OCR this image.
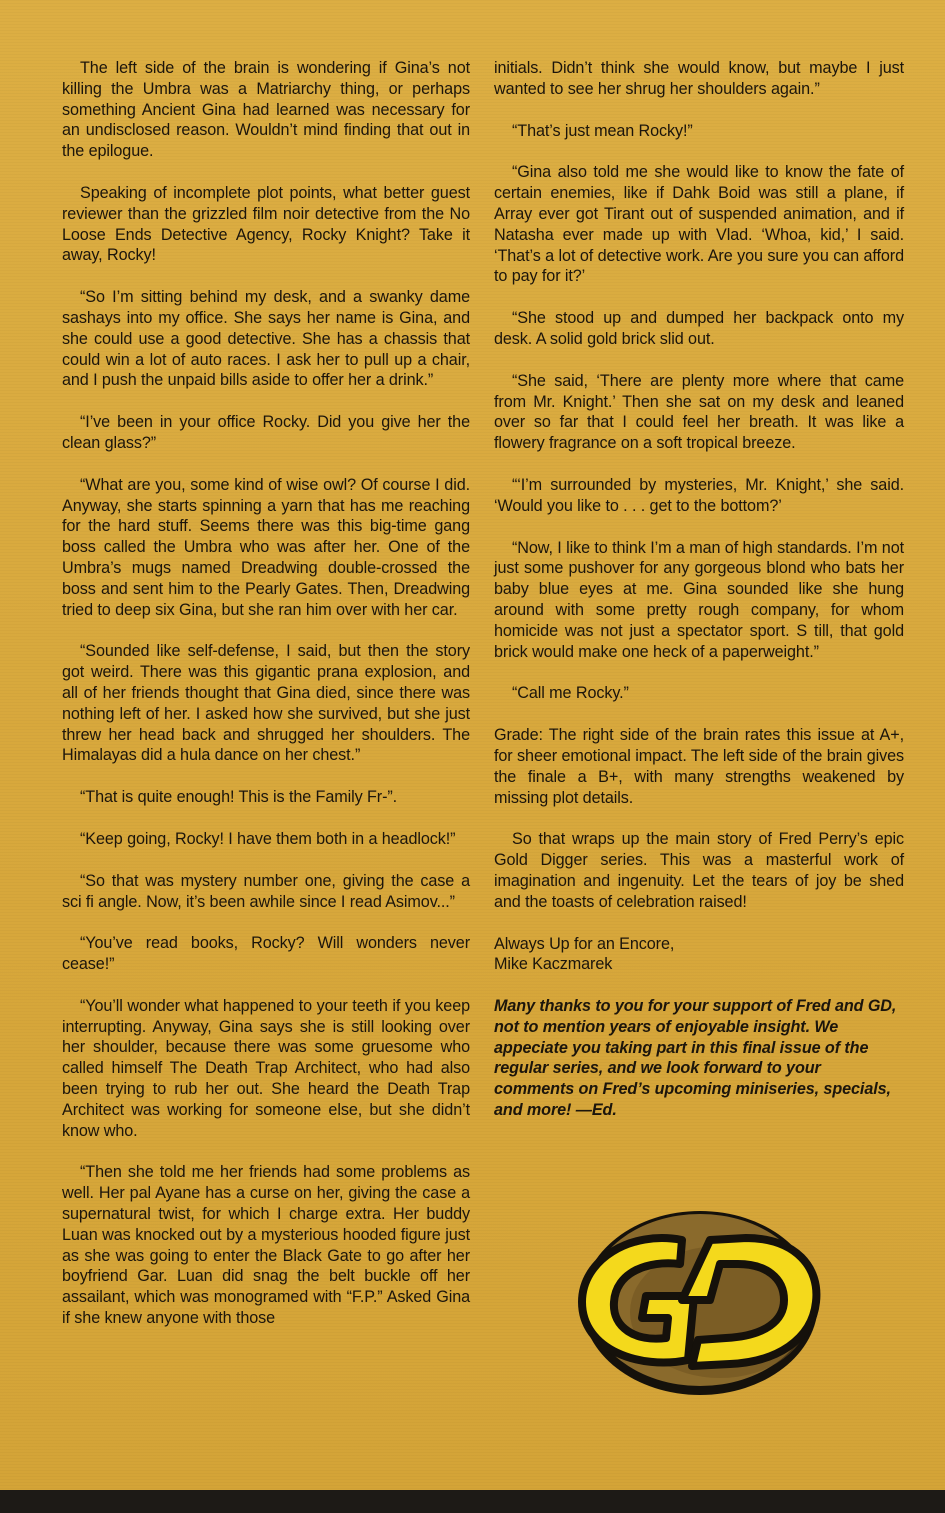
The left side of the brain is wondering if Gina’s not killing the Umbra was a Matriarchy thing, or perhaps something Ancient Gina had learned was necessary for an undisclosed reason. Wouldn’t mind finding that out in the epilogue.

Speaking of incomplete plot points, what better guest reviewer than the grizzled film noir detective from the No Loose Ends Detective Agency, Rocky Knight? Take it away, Rocky!

“So I’m sitting behind my desk, and a swanky dame sashays into my office. She says her name is Gina, and she could use a good detective. She has a chassis that could win a lot of auto races. I ask her to pull up a chair, and I push the unpaid bills aside to offer her a drink.”

“I’ve been in your office Rocky. Did you give her the clean glass?”

“What are you, some kind of wise owl? Of course I did. Anyway, she starts spinning a yarn that has me reaching for the hard stuff. Seems there was this big-time gang boss called the Umbra who was after her. One of the Umbra’s mugs named Dreadwing double-crossed the boss and sent him to the Pearly Gates. Then, Dreadwing tried to deep six Gina, but she ran him over with her car.

“Sounded like self-defense, I said, but then the story got weird. There was this gigantic prana explosion, and all of her friends thought that Gina died, since there was nothing left of her. I asked how she survived, but she just threw her head back and shrugged her shoulders. The Himalayas did a hula dance on her chest.”

“That is quite enough! This is the Family Fr-”.

“Keep going, Rocky! I have them both in a headlock!”

“So that was mystery number one, giving the case a sci fi angle. Now, it’s been awhile since I read Asimov...”

“You’ve read books, Rocky? Will wonders never cease!”

“You’ll wonder what happened to your teeth if you keep interrupting. Anyway, Gina says she is still looking over her shoulder, because there was some gruesome who called himself The Death Trap Architect, who had also been trying to rub her out. She heard the Death Trap Architect was working for someone else, but she didn’t know who.

“Then she told me her friends had some problems as well. Her pal Ayane has a curse on her, giving the case a supernatural twist, for which I charge extra. Her buddy Luan was knocked out by a mysterious hooded figure just as she was going to enter the Black Gate to go after her boyfriend Gar. Luan did snag the belt buckle off her assailant, which was monogramed with “F.P.” Asked Gina if she knew anyone with those

initials. Didn’t think she would know, but maybe I just wanted to see her shrug her shoulders again.”

“That’s just mean Rocky!”

“Gina also told me she would like to know the fate of certain enemies, like if Dahk Boid was still a plane, if Array ever got Tirant out of suspended animation, and if Natasha ever made up with Vlad. ‘Whoa, kid,’ I said. ‘That’s a lot of detective work. Are you sure you can afford to pay for it?’

“She stood up and dumped her backpack onto my desk. A solid gold brick slid out.

“She said, ‘There are plenty more where that came from Mr. Knight.’ Then she sat on my desk and leaned over so far that I could feel her breath. It was like a flowery fragrance on a soft tropical breeze.

“‘I’m surrounded by mysteries, Mr. Knight,’ she said. ‘Would you like to . . . get to the bottom?’

“Now, I like to think I’m a man of high standards. I’m not just some pushover for any gorgeous blond who bats her baby blue eyes at me. Gina sounded like she hung around with some pretty rough company, for whom homicide was not just a spectator sport. S till, that gold brick would make one heck of a paperweight.”

“Call me Rocky.”

Grade: The right side of the brain rates this issue at A+, for sheer emotional impact. The left side of the brain gives the finale a B+, with many strengths weakened by missing plot details.

So that wraps up the main story of Fred Perry’s epic Gold Digger series. This was a masterful work of imagination and ingenuity. Let the tears of joy be shed and the toasts of celebration raised!

Always Up for an Encore,
Mike Kaczmarek

Many thanks to you for your support of Fred and GD, not to mention years of enjoyable insight. We appeciate you taking part in this final issue of the regular series, and we look forward to your comments on Fred’s upcoming miniseries, specials, and more! —Ed.
